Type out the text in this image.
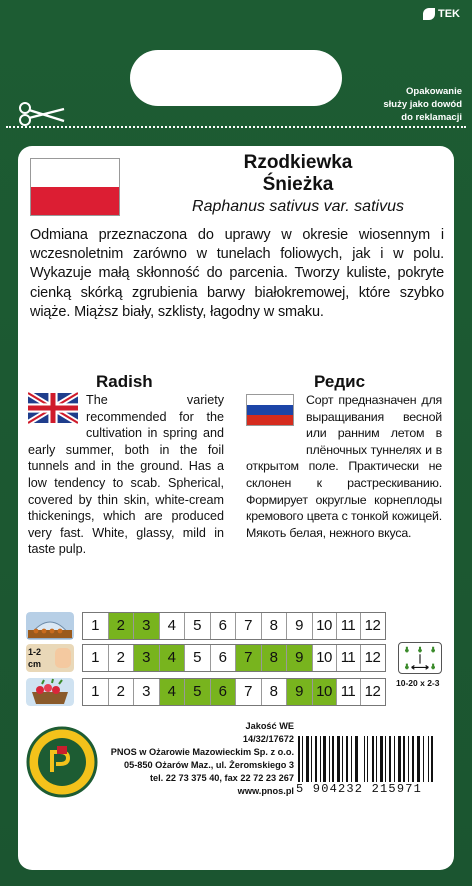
TEK
Opakowanie
służy jako dowód
do reklamacji
Rzodkiewka
Śnieżka
Raphanus sativus var. sativus
Odmiana przeznaczona do uprawy w okresie wiosennym i wczesnoletnim zarówno w tunelach foliowych, jak i w polu. Wykazuje małą skłonność do parcenia. Tworzy kuliste, pokryte cienką skórką zgrubienia barwy białokremowej, które szybko wiąże. Miąższ biały, szklisty, łagodny w smaku.
Radish	Редис
The variety recommended for the cultivation in spring and early summer, both in the foil tunnels and in the ground. Has a low tendency to scab. Spherical, covered by thin skin, white-cream thickenings, which are produced very fast. White, glassy, mild in taste pulp.
Сорт предназначен для выращивания весной или ранним летом в плёночных туннелях и в открытом поле. Практически не склонен к растрескиванию. Формирует округлые корнеплоды кремового цвета с тонкой кожицей. Мякоть белая, нежного вкуса.
1	2	3	4	5	6	7	8	9 10 11 12
1-2 cm	1	2	3	4	5	6	7	8	9 10 11 12
1	2	3	4	5	6	7	8	9 10 11 12	10-20 x 2-3
Jakość WE
14/32/17672
PNOS w Ożarowie Mazowieckim Sp. z o.o.
05-850 Ożarów Maz., ul. Żeromskiego 3
tel. 22 73 375 40, fax 22 72 23 267
www.pnos.pl 5 904232 215971
